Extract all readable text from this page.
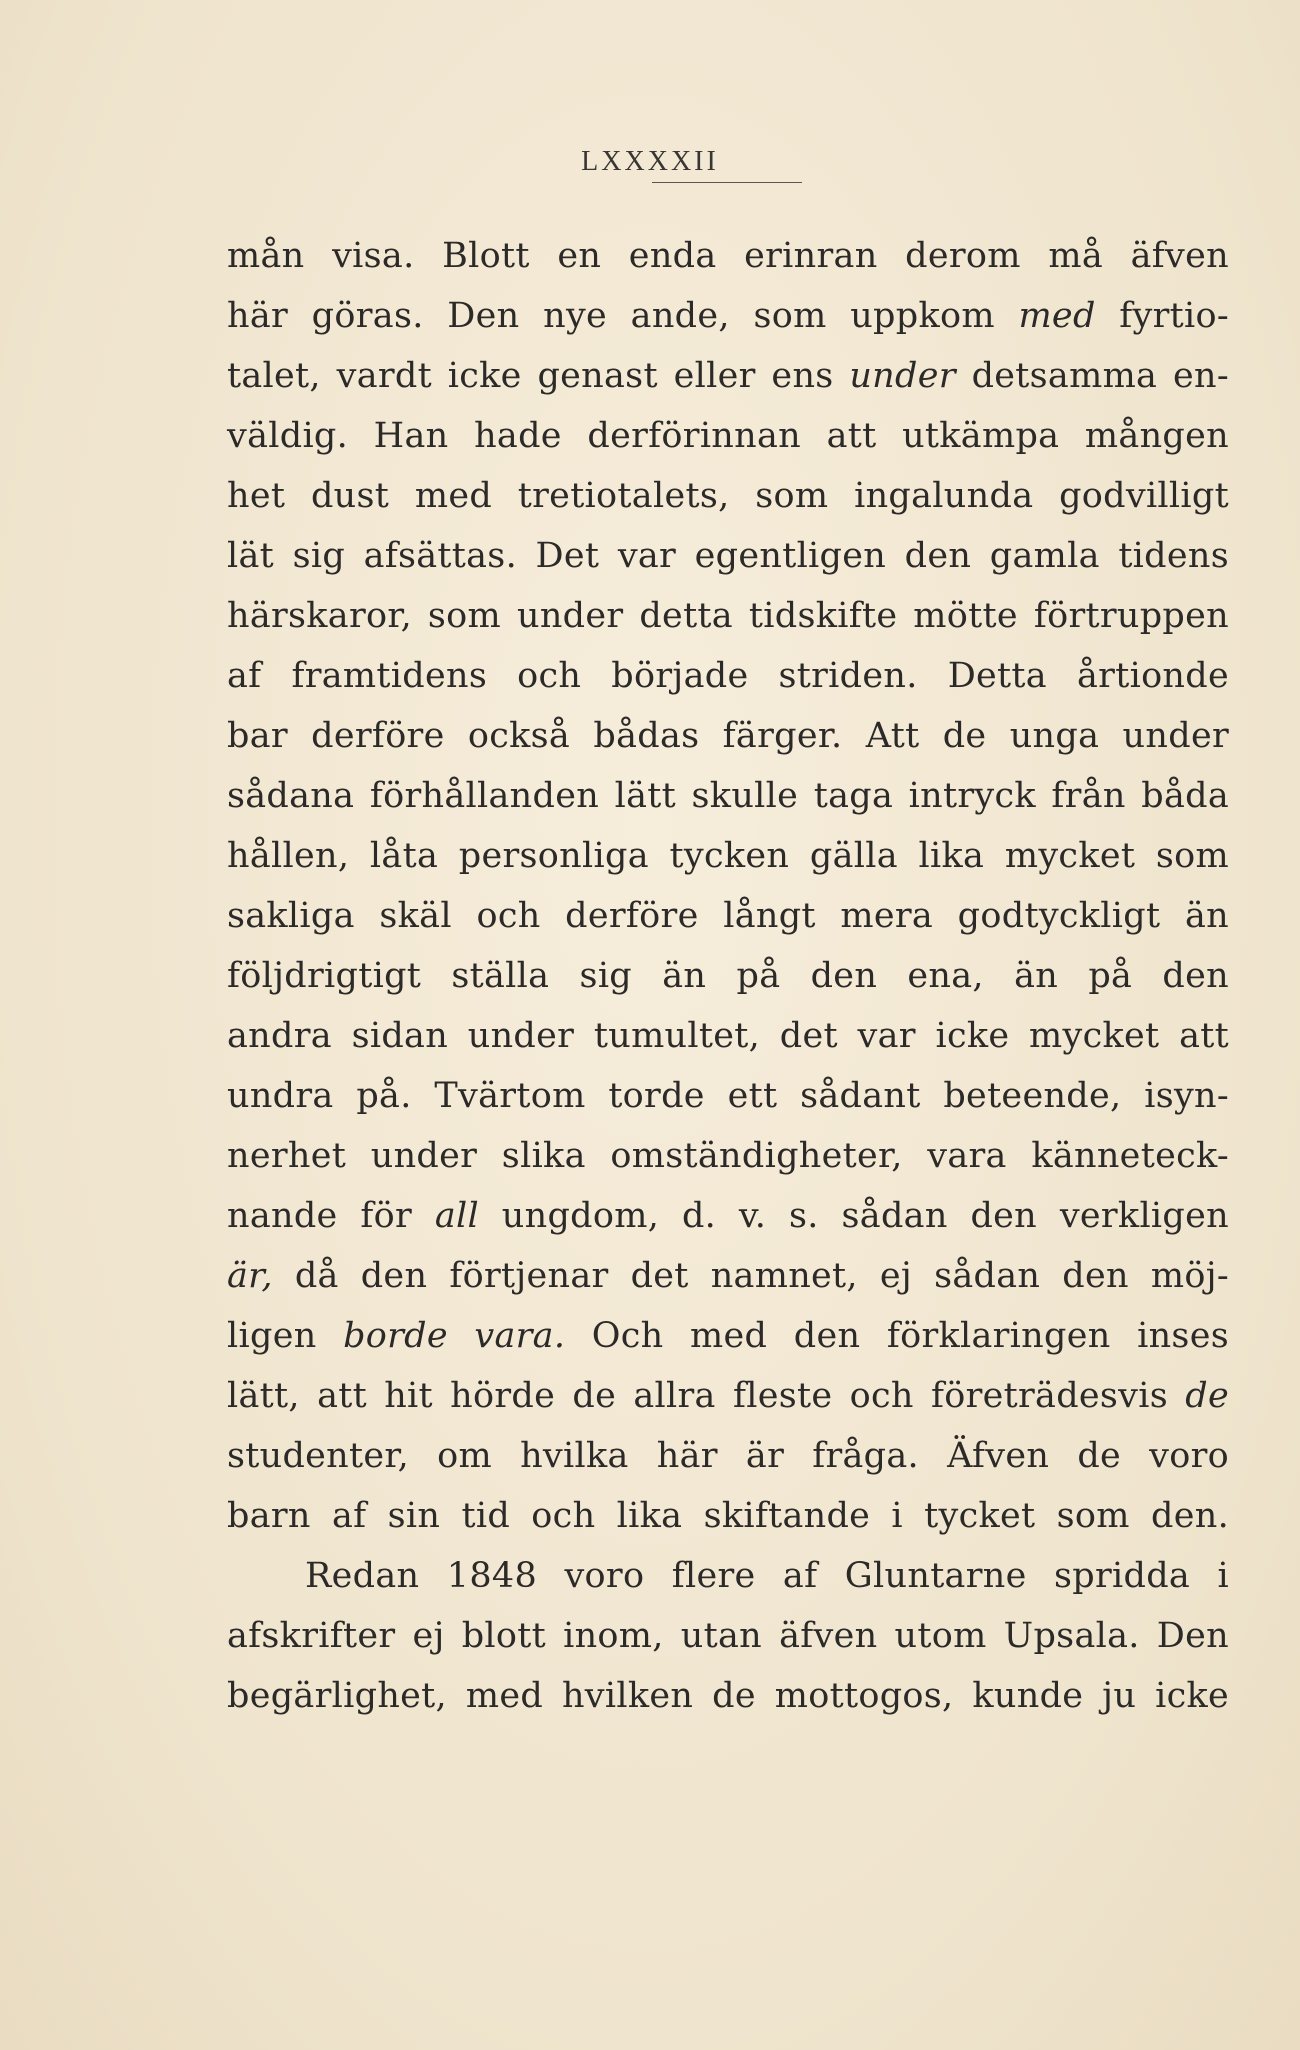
LXXXXII
mån visa. Blott en enda erinran derom må äfven
här göras. Den nye ande, som uppkom med fyrtio-
talet, vardt icke genast eller ens under detsamma en-
väldig. Han hade derförinnan att utkämpa mången
het dust med tretiotalets, som ingalunda godvilligt
lät sig afsättas. Det var egentligen den gamla tidens
härskaror, som under detta tidskifte mötte förtruppen
af framtidens och började striden. Detta årtionde
bar derföre också bådas färger. Att de unga under
sådana förhållanden lätt skulle taga intryck från båda
hållen, låta personliga tycken gälla lika mycket som
sakliga skäl och derföre långt mera godtyckligt än
följdrigtigt ställa sig än på den ena, än på den
andra sidan under tumultet, det var icke mycket att
undra på. Tvärtom torde ett sådant beteende, isyn-
nerhet under slika omständigheter, vara känneteck-
nande för all ungdom, d. v. s. sådan den verkligen
är, då den förtjenar det namnet, ej sådan den möj-
ligen borde vara. Och med den förklaringen inses
lätt, att hit hörde de allra fleste och företrädesvis de
studenter, om hvilka här är fråga. Äfven de voro
barn af sin tid och lika skiftande i tycket som den.
Redan 1848 voro flere af Gluntarne spridda i
afskrifter ej blott inom, utan äfven utom Upsala. Den
begärlighet, med hvilken de mottogos, kunde ju icke
